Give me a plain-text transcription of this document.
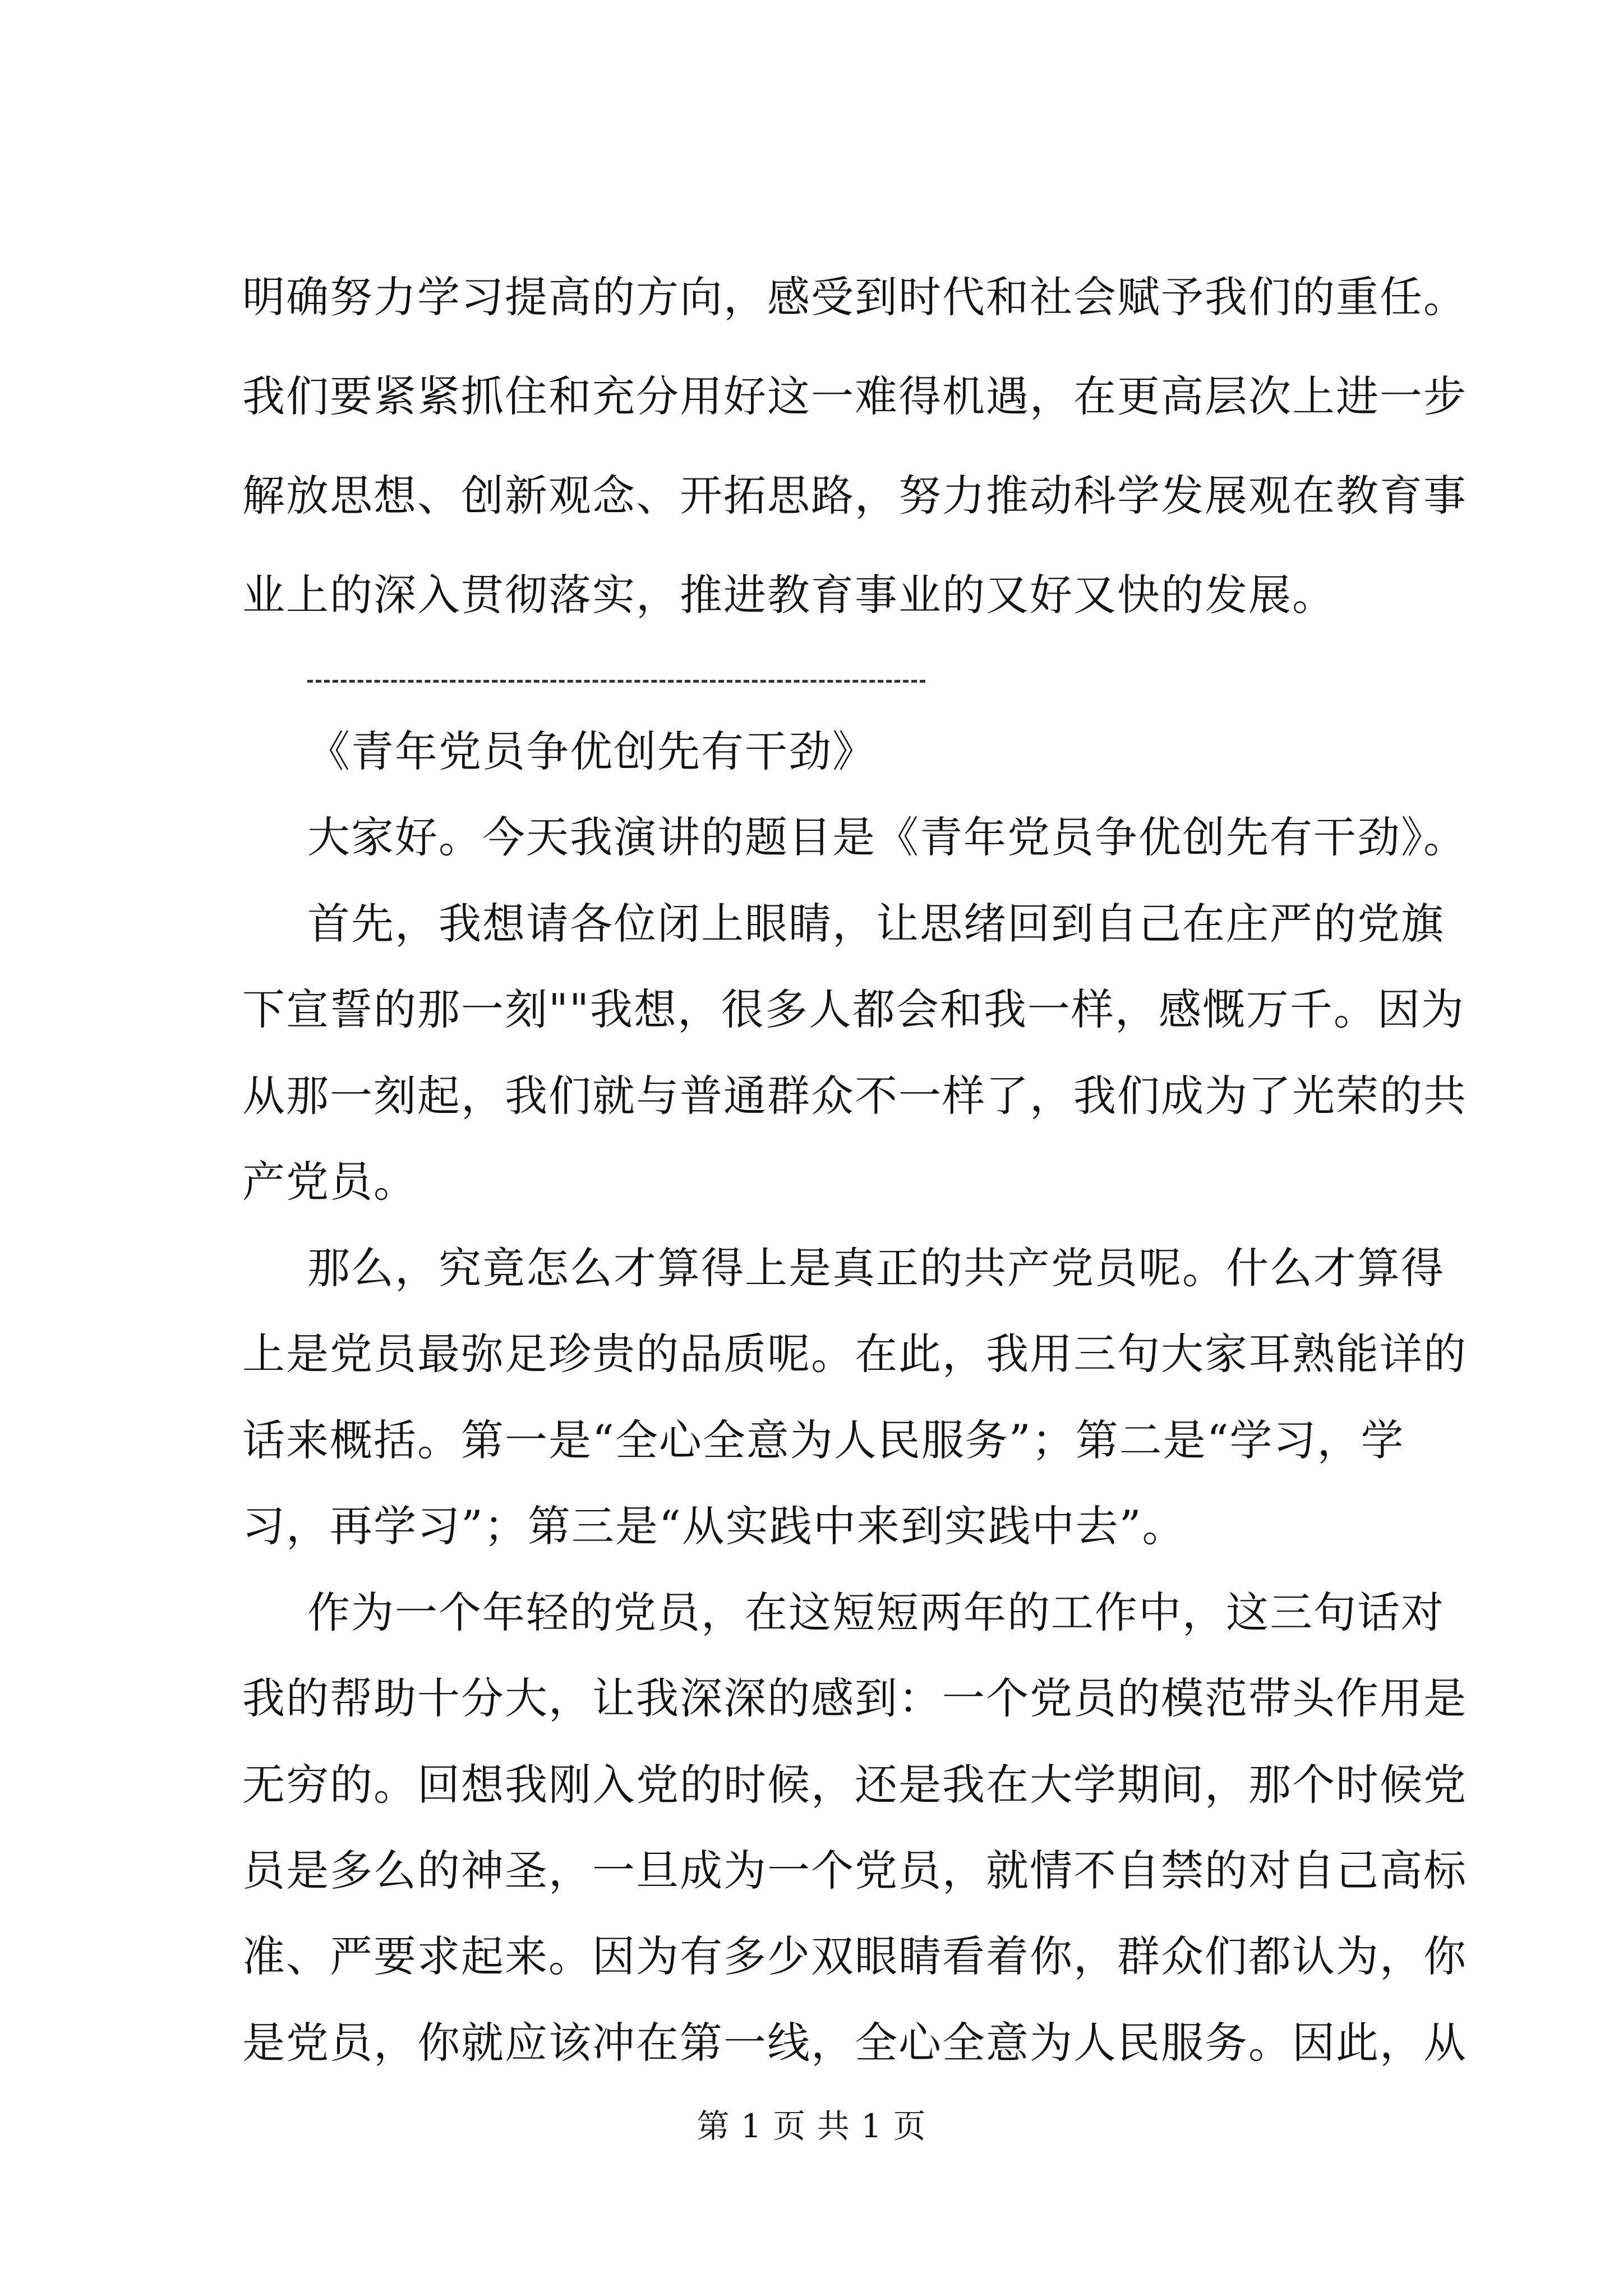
明确努力学习提高的方向，感受到时代和社会赋予我们的重任。
我们要紧紧抓住和充分用好这一难得机遇，在更高层次上进一步
解放思想、创新观念、开拓思路，努力推动科学发展观在教育事
业上的深入贯彻落实，推进教育事业的又好又快的发展。
《青年党员争优创先有干劲》
大家好。今天我演讲的题目是《青年党员争优创先有干劲》。
首先，我想请各位闭上眼睛，让思绪回到自己在庄严的党旗
下宣誓的那一刻""我想，很多人都会和我一样，感慨万千。因为
从那一刻起，我们就与普通群众不一样了，我们成为了光荣的共
产党员。
那么，究竟怎么才算得上是真正的共产党员呢。什么才算得
上是党员最弥足珍贵的品质呢。在此，我用三句大家耳熟能详的
话来概括。第一是“全心全意为人民服务”；第二是“学习，学
习，再学习”；第三是“从实践中来到实践中去”。
作为一个年轻的党员，在这短短两年的工作中，这三句话对
我的帮助十分大，让我深深的感到：一个党员的模范带头作用是
无穷的。回想我刚入党的时候，还是我在大学期间，那个时候党
员是多么的神圣，一旦成为一个党员，就情不自禁的对自己高标
准、严要求起来。因为有多少双眼睛看着你，群众们都认为，你
是党员，你就应该冲在第一线，全心全意为人民服务。因此，从
第 1 页 共 1 页
